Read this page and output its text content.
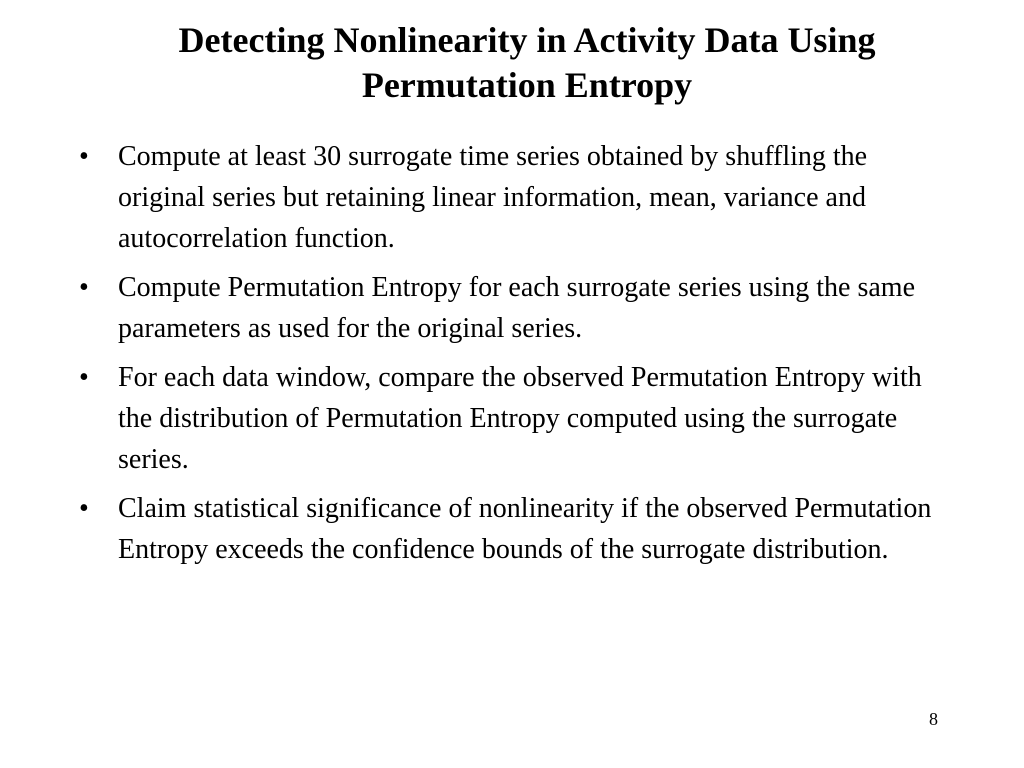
Detecting Nonlinearity in Activity Data Using
Permutation Entropy
• Compute at least 30 surrogate time series obtained by shuffling the original series but retaining linear information, mean, variance and autocorrelation function.
• Compute Permutation Entropy for each surrogate series using the same parameters as used for the original series.
• For each data window, compare the observed Permutation Entropy with the distribution of Permutation Entropy computed using the surrogate series.
• Claim statistical significance of nonlinearity if the observed Permutation Entropy exceeds the confidence bounds of the surrogate distribution.
8
